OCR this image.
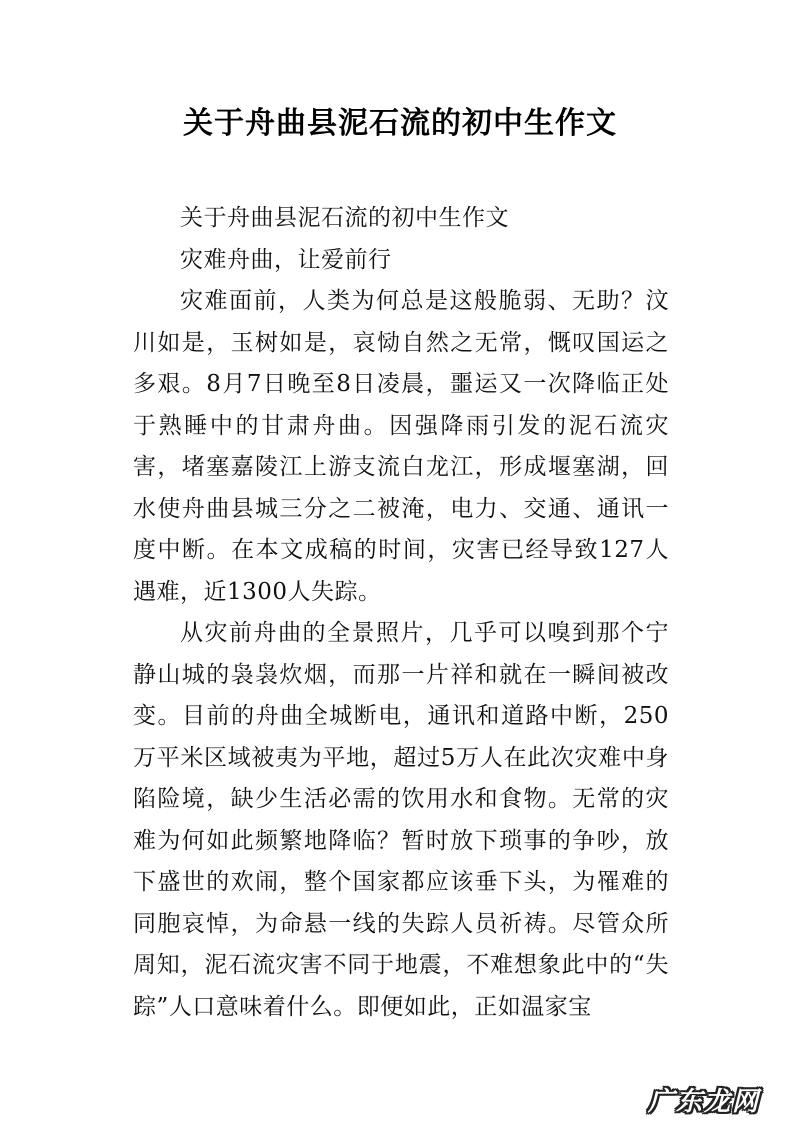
关于舟曲县泥石流的初中生作文

关于舟曲县泥石流的初中生作文

灾难舟曲，让爱前行

灾难面前，人类为何总是这般脆弱、无助？汶川如是，玉树如是，哀恸自然之无常，慨叹国运之多艰。8月7日晚至8日凌晨，噩运又一次降临正处于熟睡中的甘肃舟曲。因强降雨引发的泥石流灾害，堵塞嘉陵江上游支流白龙江，形成堰塞湖，回水使舟曲县城三分之二被淹，电力、交通、通讯一度中断。在本文成稿的时间，灾害已经导致127人遇难，近1300人失踪。

从灾前舟曲的全景照片，几乎可以嗅到那个宁静山城的袅袅炊烟，而那一片祥和就在一瞬间被改变。目前的舟曲全城断电，通讯和道路中断，250万平米区域被夷为平地，超过5万人在此次灾难中身陷险境，缺少生活必需的饮用水和食物。无常的灾难为何如此频繁地降临？暂时放下琐事的争吵，放下盛世的欢闹，整个国家都应该垂下头，为罹难的同胞哀悼，为命悬一线的失踪人员祈祷。尽管众所周知，泥石流灾害不同于地震，不难想象此中的“失踪”人口意味着什么。即便如此，正如温家宝

广东龙网
